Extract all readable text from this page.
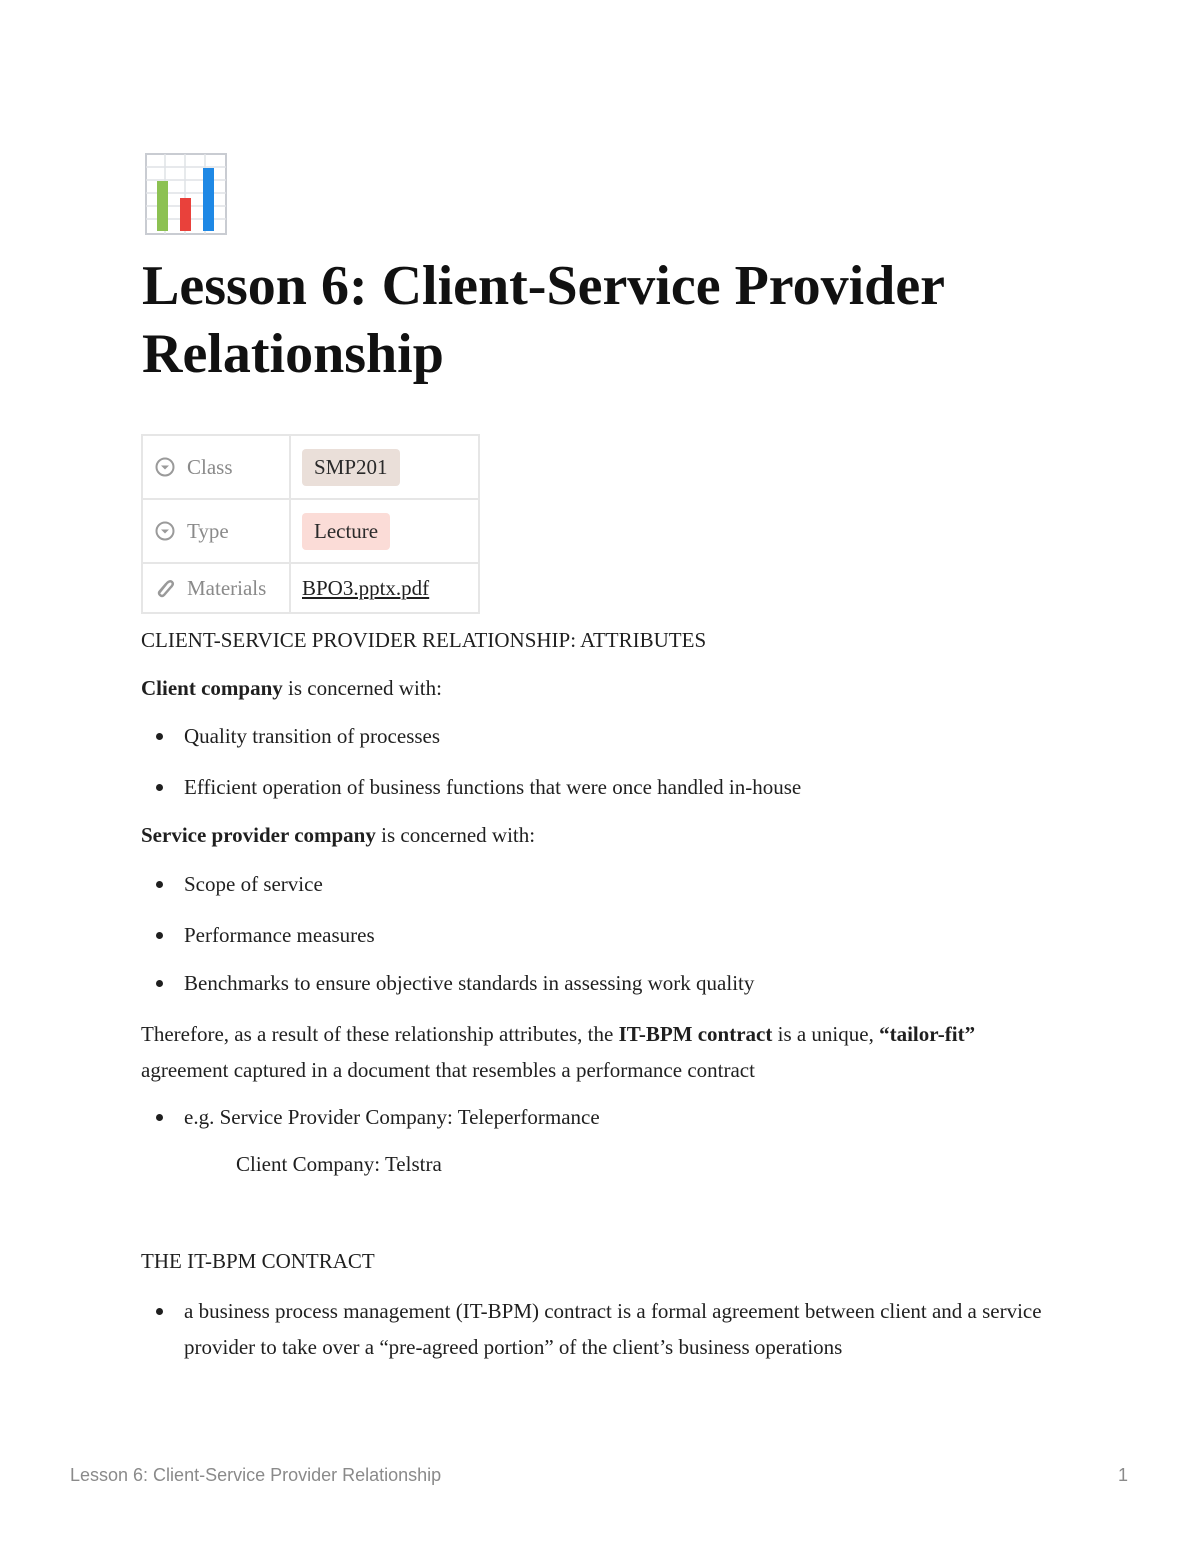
Lesson 6: Client-Service Provider Relationship
Class	SMP201

Type	Lecture

Materials	BPO3.pptx.pdf
CLIENT-SERVICE PROVIDER RELATIONSHIP: ATTRIBUTES
Client company is concerned with:
Quality transition of processes
Efficient operation of business functions that were once handled in-house
Service provider company is concerned with:
Scope of service
Performance measures
Benchmarks to ensure objective standards in assessing work quality
Therefore, as a result of these relationship attributes, the IT-BPM contract is a unique, “tailor-fit” agreement captured in a document that resembles a performance contract
e.g. Service Provider Company: Teleperformance
Client Company: Telstra
THE IT-BPM CONTRACT
a business process management (IT-BPM) contract is a formal agreement between client and a service provider to take over a “pre-agreed portion” of the client’s business operations
Lesson 6: Client-Service Provider Relationship	1
